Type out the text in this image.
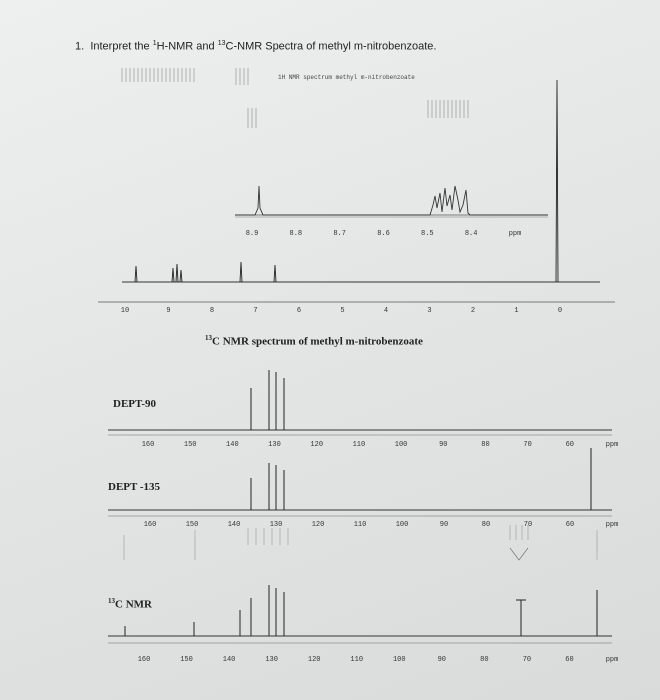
1. Interpret the $^1$H-NMR and $^{13}$C-NMR Spectra of methyl m-nitrobenzoate.
1H NMR spectrum methyl m-nitrobenzoate
$^{13}$C NMR spectrum of methyl m-nitrobenzoate
DEPT-90
DEPT -135
$^{13}$C NMR
8.9	8.8	8.7	8.6	8.5	8.4	ppm
10	9	8	7	6	5	4	3	2	1	0
160	150	140	130	120	110	100	90	80	70	60	ppm
160	150	140	130	120	110	100	90	80	70	60	ppm
160	150	140	130	120	110	100	90	80	70	60	ppm
